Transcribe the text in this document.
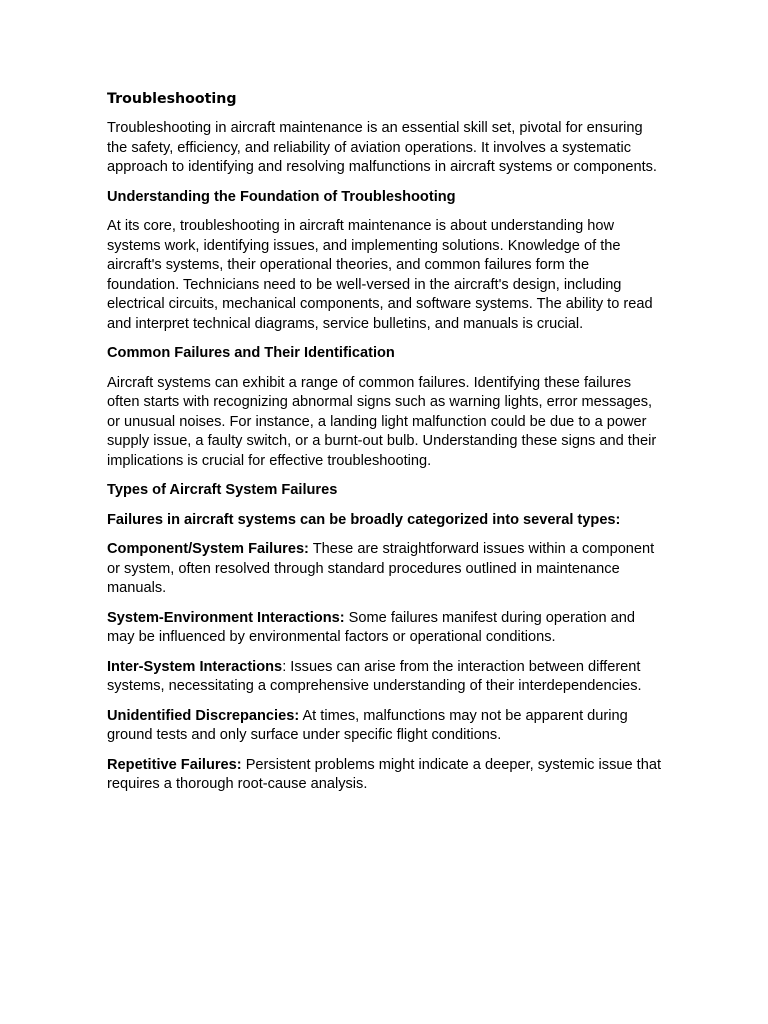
Troubleshooting

Troubleshooting in aircraft maintenance is an essential skill set, pivotal for ensuring the safety, efficiency, and reliability of aviation operations. It involves a systematic approach to identifying and resolving malfunctions in aircraft systems or components.

Understanding the Foundation of Troubleshooting

At its core, troubleshooting in aircraft maintenance is about understanding how systems work, identifying issues, and implementing solutions. Knowledge of the aircraft's systems, their operational theories, and common failures form the foundation. Technicians need to be well-versed in the aircraft's design, including electrical circuits, mechanical components, and software systems. The ability to read and interpret technical diagrams, service bulletins, and manuals is crucial.

Common Failures and Their Identification

Aircraft systems can exhibit a range of common failures. Identifying these failures often starts with recognizing abnormal signs such as warning lights, error messages, or unusual noises. For instance, a landing light malfunction could be due to a power supply issue, a faulty switch, or a burnt-out bulb. Understanding these signs and their implications is crucial for effective troubleshooting.

Types of Aircraft System Failures
Failures in aircraft systems can be broadly categorized into several types:

Component/System Failures: These are straightforward issues within a component or system, often resolved through standard procedures outlined in maintenance manuals.

System-Environment Interactions: Some failures manifest during operation and may be influenced by environmental factors or operational conditions.

Inter-System Interactions: Issues can arise from the interaction between different systems, necessitating a comprehensive understanding of their interdependencies.

Unidentified Discrepancies: At times, malfunctions may not be apparent during ground tests and only surface under specific flight conditions.

Repetitive Failures: Persistent problems might indicate a deeper, systemic issue that requires a thorough root-cause analysis.
